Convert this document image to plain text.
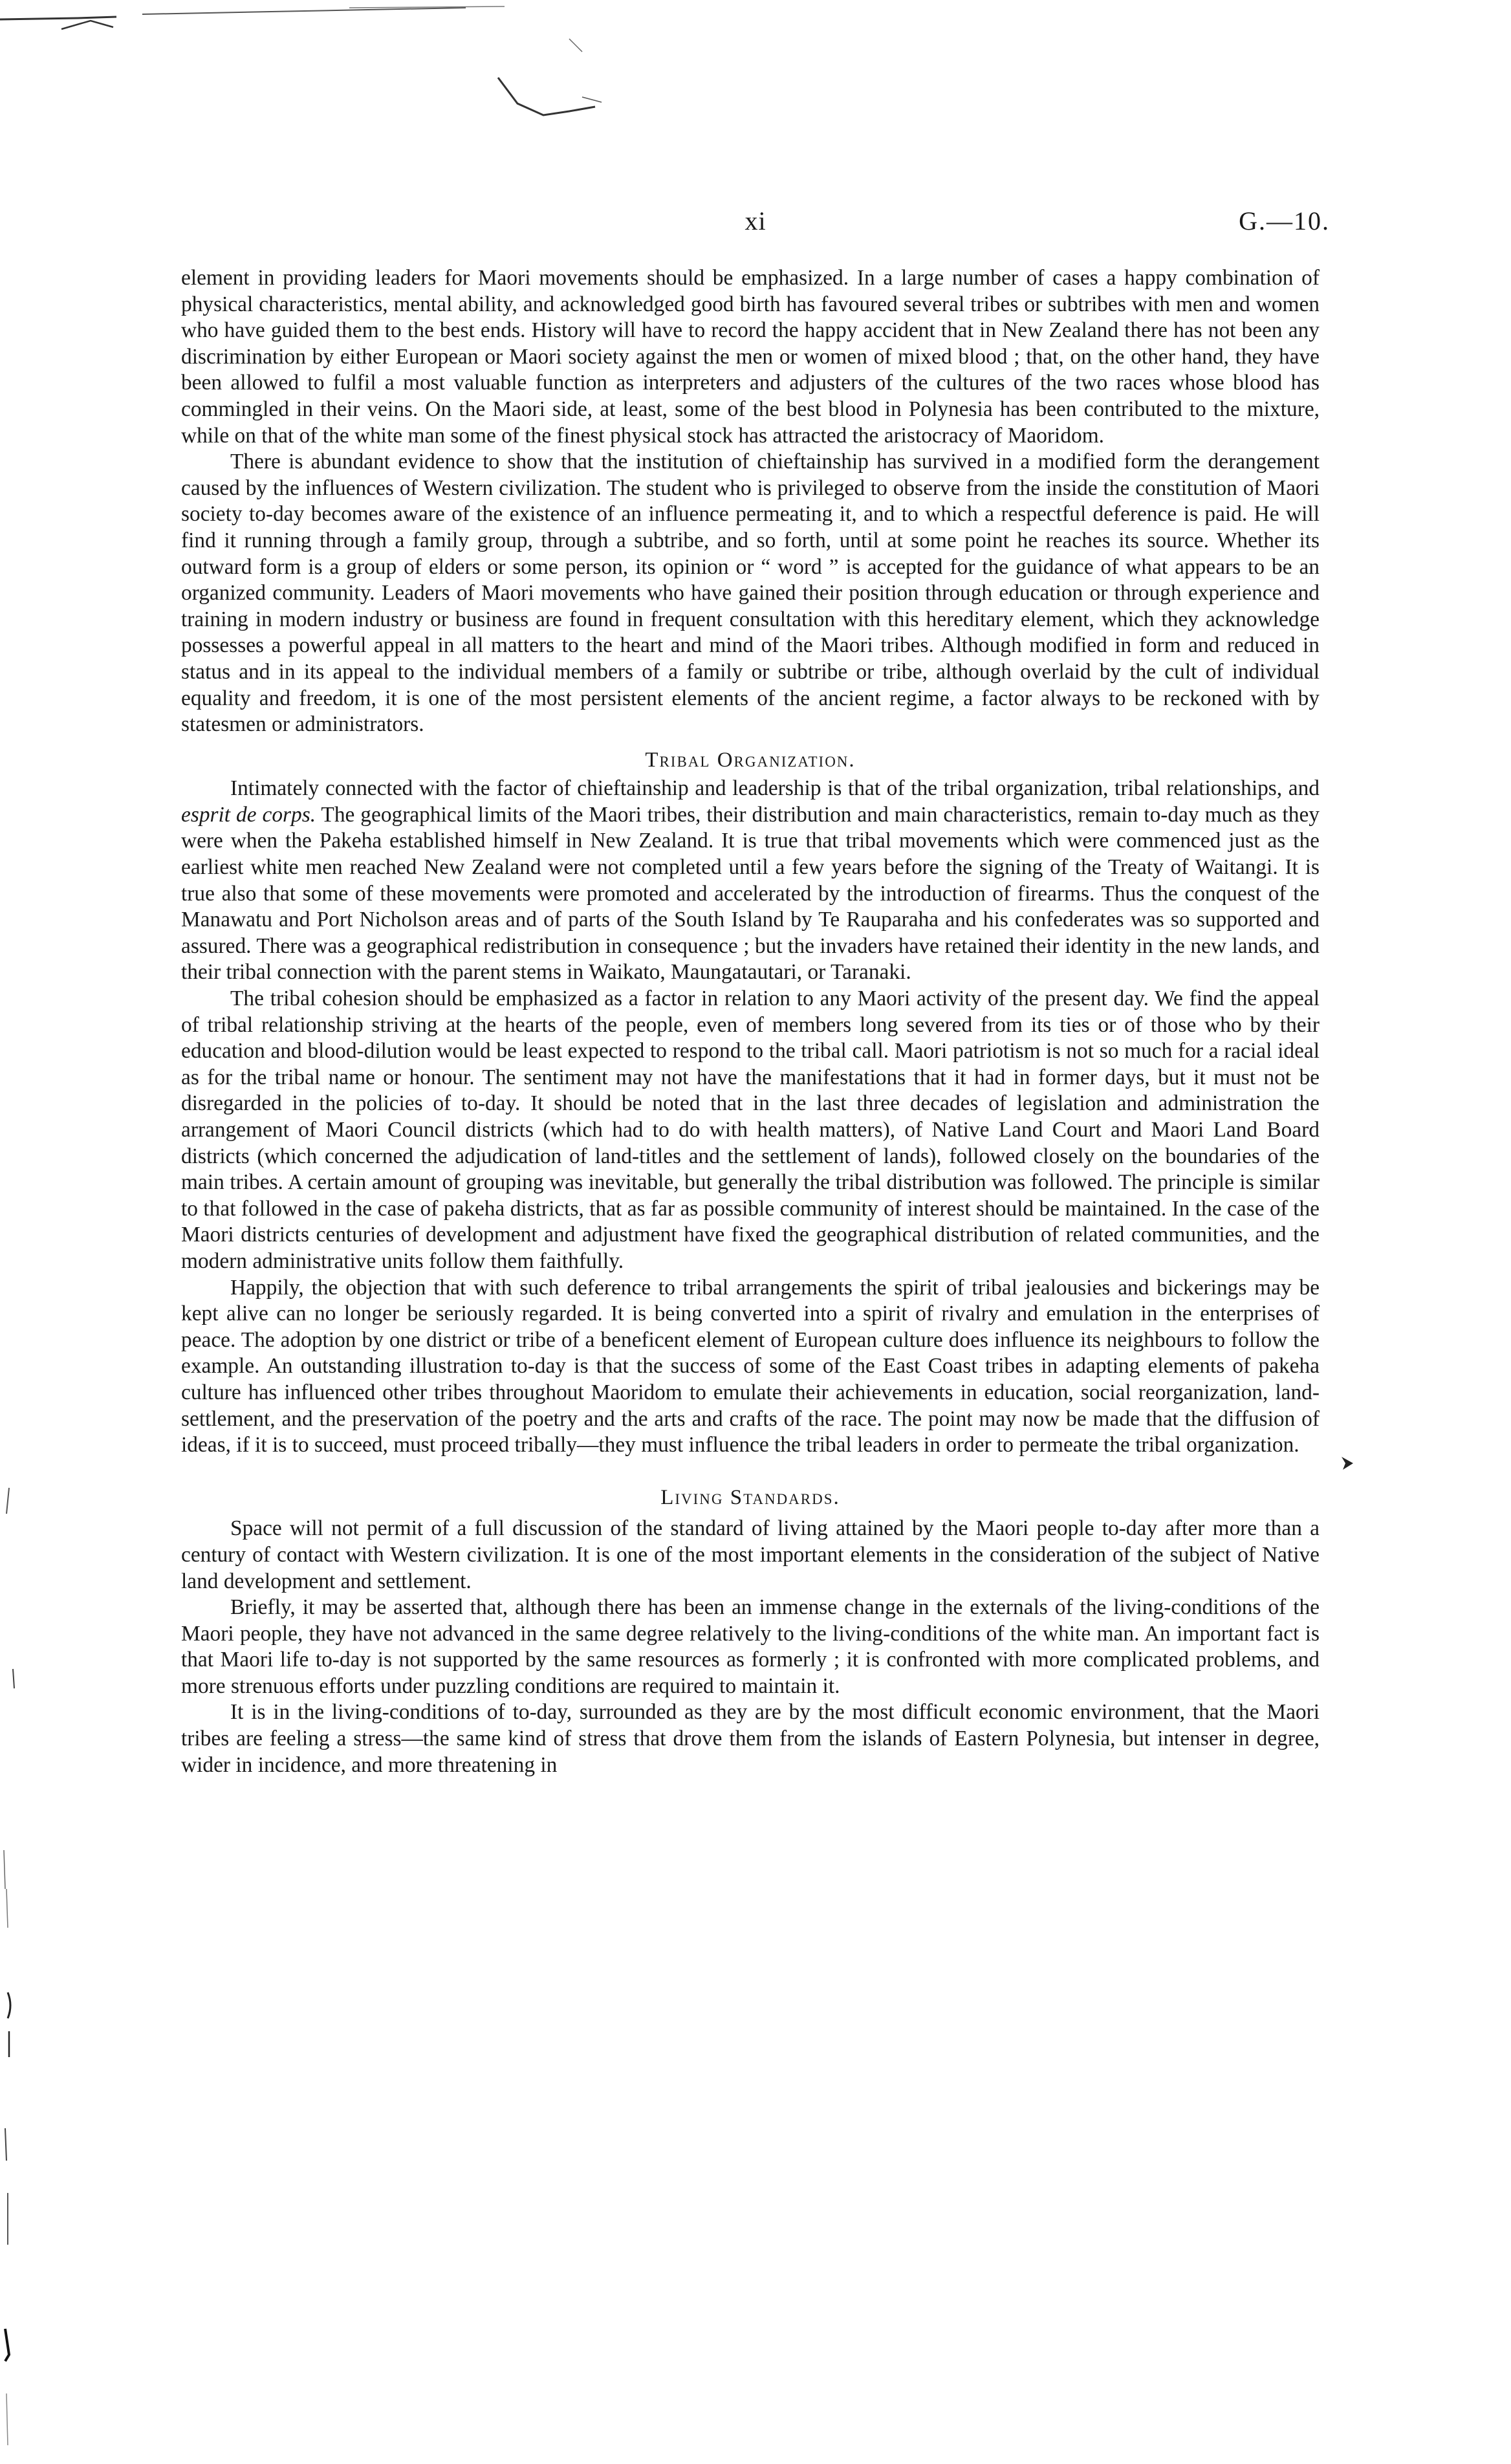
xi	G.—10.

element in providing leaders for Maori movements should be emphasized. In a large number of cases a happy combination of physical characteristics, mental ability, and acknowledged good birth has favoured several tribes or subtribes with men and women who have guided them to the best ends. History will have to record the happy accident that in New Zealand there has not been any discrimination by either European or Maori society against the men or women of mixed blood ; that, on the other hand, they have been allowed to fulfil a most valuable function as interpreters and adjusters of the cultures of the two races whose blood has commingled in their veins. On the Maori side, at least, some of the best blood in Polynesia has been contributed to the mixture, while on that of the white man some of the finest physical stock has attracted the aristocracy of Maoridom.

There is abundant evidence to show that the institution of chieftainship has survived in a modified form the derangement caused by the influences of Western civilization. The student who is privileged to observe from the inside the constitution of Maori society to-day becomes aware of the existence of an influence permeating it, and to which a respectful deference is paid. He will find it running through a family group, through a subtribe, and so forth, until at some point he reaches its source. Whether its outward form is a group of elders or some person, its opinion or “ word ” is accepted for the guidance of what appears to be an organized community. Leaders of Maori movements who have gained their position through education or through experience and training in modern industry or business are found in frequent consultation with this hereditary element, which they acknowledge possesses a powerful appeal in all matters to the heart and mind of the Maori tribes. Although modified in form and reduced in status and in its appeal to the individual members of a family or subtribe or tribe, although overlaid by the cult of individual equality and freedom, it is one of the most persistent elements of the ancient regime, a factor always to be reckoned with by statesmen or administrators.

Tribal Organization.

Intimately connected with the factor of chieftainship and leadership is that of the tribal organization, tribal relationships, and esprit de corps. The geographical limits of the Maori tribes, their distribution and main characteristics, remain to-day much as they were when the Pakeha established himself in New Zealand. It is true that tribal movements which were commenced just as the earliest white men reached New Zealand were not completed until a few years before the signing of the Treaty of Waitangi. It is true also that some of these movements were promoted and accelerated by the introduction of firearms. Thus the conquest of the Manawatu and Port Nicholson areas and of parts of the South Island by Te Rauparaha and his confederates was so supported and assured. There was a geographical redistribution in consequence ; but the invaders have retained their identity in the new lands, and their tribal connection with the parent stems in Waikato, Maungatautari, or Taranaki.

The tribal cohesion should be emphasized as a factor in relation to any Maori activity of the present day. We find the appeal of tribal relationship striving at the hearts of the people, even of members long severed from its ties or of those who by their education and blood-dilution would be least expected to respond to the tribal call. Maori patriotism is not so much for a racial ideal as for the tribal name or honour. The sentiment may not have the manifestations that it had in former days, but it must not be disregarded in the policies of to-day. It should be noted that in the last three decades of legislation and administration the arrangement of Maori Council districts (which had to do with health matters), of Native Land Court and Maori Land Board districts (which concerned the adjudication of land-titles and the settlement of lands), followed closely on the boundaries of the main tribes. A certain amount of grouping was inevitable, but generally the tribal distribution was followed. The principle is similar to that followed in the case of pakeha districts, that as far as possible community of interest should be maintained. In the case of the Maori districts centuries of development and adjustment have fixed the geographical distribution of related communities, and the modern administrative units follow them faithfully.

Happily, the objection that with such deference to tribal arrangements the spirit of tribal jealousies and bickerings may be kept alive can no longer be seriously regarded. It is being converted into a spirit of rivalry and emulation in the enterprises of peace. The adoption by one district or tribe of a beneficent element of European culture does influence its neighbours to follow the example. An outstanding illustration to-day is that the success of some of the East Coast tribes in adapting elements of pakeha culture has influenced other tribes throughout Maoridom to emulate their achievements in education, social reorganization, land-settlement, and the preservation of the poetry and the arts and crafts of the race. The point may now be made that the diffusion of ideas, if it is to succeed, must proceed tribally—they must influence the tribal leaders in order to permeate the tribal organization.

Living Standards.

Space will not permit of a full discussion of the standard of living attained by the Maori people to-day after more than a century of contact with Western civilization. It is one of the most important elements in the consideration of the subject of Native land development and settlement.

Briefly, it may be asserted that, although there has been an immense change in the externals of the living-conditions of the Maori people, they have not advanced in the same degree relatively to the living-conditions of the white man. An important fact is that Maori life to-day is not supported by the same resources as formerly ; it is confronted with more complicated problems, and more strenuous efforts under puzzling conditions are required to maintain it.

It is in the living-conditions of to-day, surrounded as they are by the most difficult economic environment, that the Maori tribes are feeling a stress—the same kind of stress that drove them from the islands of Eastern Polynesia, but intenser in degree, wider in incidence, and more threatening in
